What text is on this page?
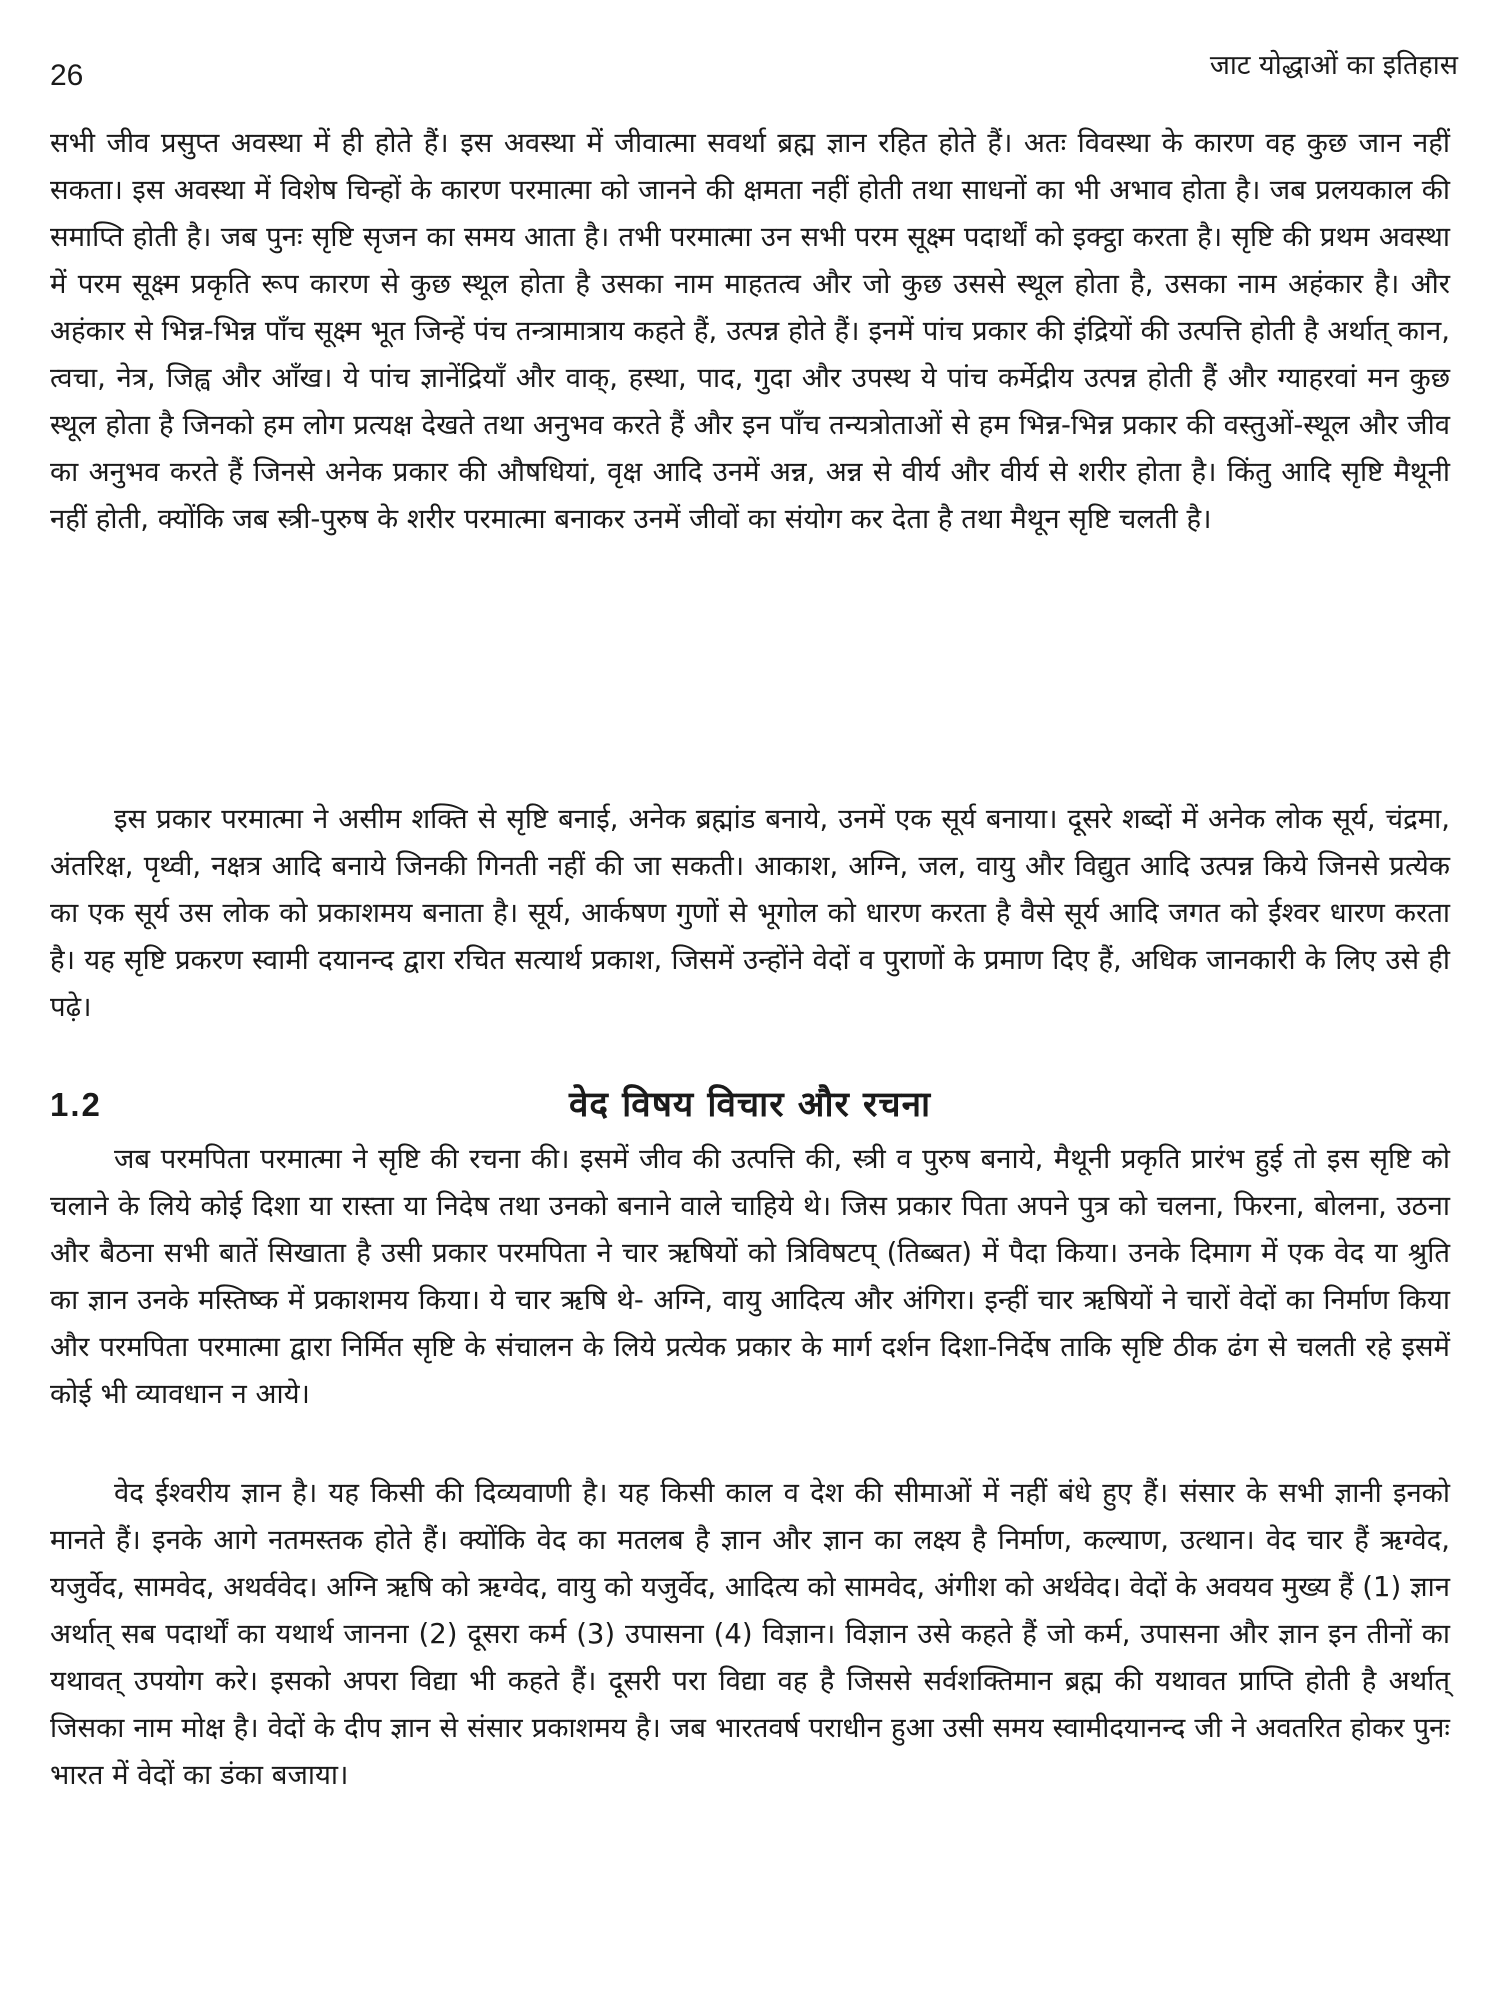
26	जाट योद्धाओं का इतिहास

सभी जीव प्रसुप्त अवस्था में ही होते हैं। इस अवस्था में जीवात्मा सवर्था ब्रह्म ज्ञान रहित होते हैं। अतः विवस्था के कारण वह कुछ जान नहीं सकता। इस अवस्था में विशेष चिन्हों के कारण परमात्मा को जानने की क्षमता नहीं होती तथा साधनों का भी अभाव होता है। जब प्रलयकाल की समाप्ति होती है। जब पुनः सृष्टि सृजन का समय आता है। तभी परमात्मा उन सभी परम सूक्ष्म पदार्थों को इक्ट्ठा करता है। सृष्टि की प्रथम अवस्था में परम सूक्ष्म प्रकृति रूप कारण से कुछ स्थूल होता है उसका नाम माहतत्व और जो कुछ उससे स्थूल होता है, उसका नाम अहंकार है। और अहंकार से भिन्न-भिन्न पाँच सूक्ष्म भूत जिन्हें पंच तन्त्रामात्राय कहते हैं, उत्पन्न होते हैं। इनमें पांच प्रकार की इंद्रियों की उत्पत्ति होती है अर्थात् कान, त्वचा, नेत्र, जिह्व और आँख। ये पांच ज्ञानेंद्रियाँ और वाक्, हस्था, पाद, गुदा और उपस्थ ये पांच कर्मेद्रीय उत्पन्न होती हैं और ग्याहरवां मन कुछ स्थूल होता है जिनको हम लोग प्रत्यक्ष देखते तथा अनुभव करते हैं और इन पाँच तन्यत्रोताओं से हम भिन्न-भिन्न प्रकार की वस्तुओं-स्थूल और जीव का अनुभव करते हैं जिनसे अनेक प्रकार की औषधियां, वृक्ष आदि उनमें अन्न, अन्न से वीर्य और वीर्य से शरीर होता है। किंतु आदि सृष्टि मैथूनी नहीं होती, क्योंकि जब स्त्री-पुरुष के शरीर परमात्मा बनाकर उनमें जीवों का संयोग कर देता है तथा मैथून सृष्टि चलती है।

इस प्रकार परमात्मा ने असीम शक्ति से सृष्टि बनाई, अनेक ब्रह्मांड बनाये, उनमें एक सूर्य बनाया। दूसरे शब्दों में अनेक लोक सूर्य, चंद्रमा, अंतरिक्ष, पृथ्वी, नक्षत्र आदि बनाये जिनकी गिनती नहीं की जा सकती। आकाश, अग्नि, जल, वायु और विद्युत आदि उत्पन्न किये जिनसे प्रत्येक का एक सूर्य उस लोक को प्रकाशमय बनाता है। सूर्य, आर्कषण गुणों से भूगोल को धारण करता है वैसे सूर्य आदि जगत को ईश्वर धारण करता है। यह सृष्टि प्रकरण स्वामी दयानन्द द्वारा रचित सत्यार्थ प्रकाश, जिसमें उन्होंने वेदों व पुराणों के प्रमाण दिए हैं, अधिक जानकारी के लिए उसे ही पढ़े।

1.2	वेद विषय विचार और रचना

जब परमपिता परमात्मा ने सृष्टि की रचना की। इसमें जीव की उत्पत्ति की, स्त्री व पुरुष बनाये, मैथूनी प्रकृति प्रारंभ हुई तो इस सृष्टि को चलाने के लिये कोई दिशा या रास्ता या निदेष तथा उनको बनाने वाले चाहिये थे। जिस प्रकार पिता अपने पुत्र को चलना, फिरना, बोलना, उठना और बैठना सभी बातें सिखाता है उसी प्रकार परमपिता ने चार ऋषियों को त्रिविषटप् (तिब्बत) में पैदा किया। उनके दिमाग में एक वेद या श्रुति का ज्ञान उनके मस्तिष्क में प्रकाशमय किया। ये चार ऋषि थे- अग्नि, वायु आदित्य और अंगिरा। इन्हीं चार ऋषियों ने चारों वेदों का निर्माण किया और परमपिता परमात्मा द्वारा निर्मित सृष्टि के संचालन के लिये प्रत्येक प्रकार के मार्ग दर्शन दिशा-निर्देष ताकि सृष्टि ठीक ढंग से चलती रहे इसमें कोई भी व्यावधान न आये।

वेद ईश्वरीय ज्ञान है। यह किसी की दिव्यवाणी है। यह किसी काल व देश की सीमाओं में नहीं बंधे हुए हैं। संसार के सभी ज्ञानी इनको मानते हैं। इनके आगे नतमस्तक होते हैं। क्योंकि वेद का मतलब है ज्ञान और ज्ञान का लक्ष्य है निर्माण, कल्याण, उत्थान। वेद चार हैं ऋग्वेद, यजुर्वेद, सामवेद, अथर्ववेद। अग्नि ऋषि को ऋग्वेद, वायु को यजुर्वेद, आदित्य को सामवेद, अंगीश को अर्थवेद। वेदों के अवयव मुख्य हैं (1) ज्ञान अर्थात् सब पदार्थों का यथार्थ जानना (2) दूसरा कर्म (3) उपासना (4) विज्ञान। विज्ञान उसे कहते हैं जो कर्म, उपासना और ज्ञान इन तीनों का यथावत् उपयोग करे। इसको अपरा विद्या भी कहते हैं। दूसरी परा विद्या वह है जिससे सर्वशक्तिमान ब्रह्म की यथावत प्राप्ति होती है अर्थात् जिसका नाम मोक्ष है। वेदों के दीप ज्ञान से संसार प्रकाशमय है। जब भारतवर्ष पराधीन हुआ उसी समय स्वामीदयानन्द जी ने अवतरित होकर पुनः भारत में वेदों का डंका बजाया।
